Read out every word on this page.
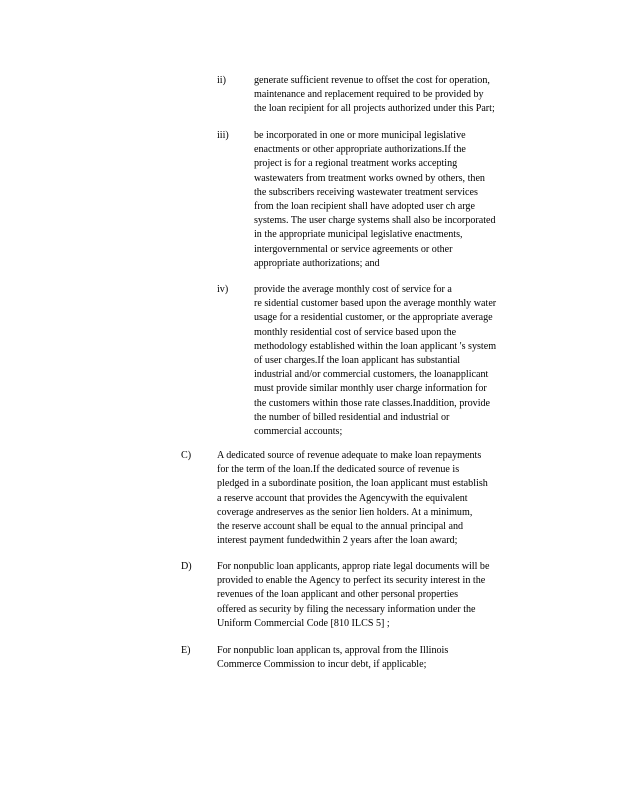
ii)	generate sufficient revenue to offset the cost for operation,
maintenance and replacement required to be provided by
the loan recipient for all projects authorized under this Part;
iii) be incorporated in one or more municipal legislative
enactments or other appropriate authorizations.If the
project is for a regional treatment works accepting
wastewaters from treatment works owned by others, then
the subscribers receiving wastewater treatment services
from the loan recipient shall have adopted user ch arge
systems. The user charge systems shall also be incorporated
in the appropriate municipal legislative enactments,
intergovernmental or service agreements or other
appropriate authorizations; and
iv)	provide the average monthly cost of service for a
re sidential customer based upon the average monthly water
usage for a residential customer, or the appropriate average
monthly residential cost of service based upon the
methodology established within the loan applicant 's system
of user charges.If the loan applicant has substantial
industrial and/or commercial customers, the loanapplicant
must provide similar monthly user charge information for
the customers within those rate classes.Inaddition, provide
the number of billed residential and industrial or
commercial accounts;
C)	A dedicated source of revenue adequate to make loan repayments
for the term of the loan.If the dedicated source of revenue is
pledged in a subordinate position, the loan applicant must establish
a reserve account that provides the Agencywith the equivalent
coverage andreserves as the senior lien holders. At a minimum,
the reserve account shall be equal to the annual principal and
interest payment fundedwithin 2 years after the loan award;
D)	For nonpublic loan applicants, approp riate legal documents will be
provided to enable the Agency to perfect its security interest in the
revenues of the loan applicant and other personal properties
offered as security by filing the necessary information under the
Uniform Commercial Code [810 ILCS 5] ;
E)	For nonpublic loan applican ts, approval from the Illinois
Commerce Commission to incur debt, if applicable;
